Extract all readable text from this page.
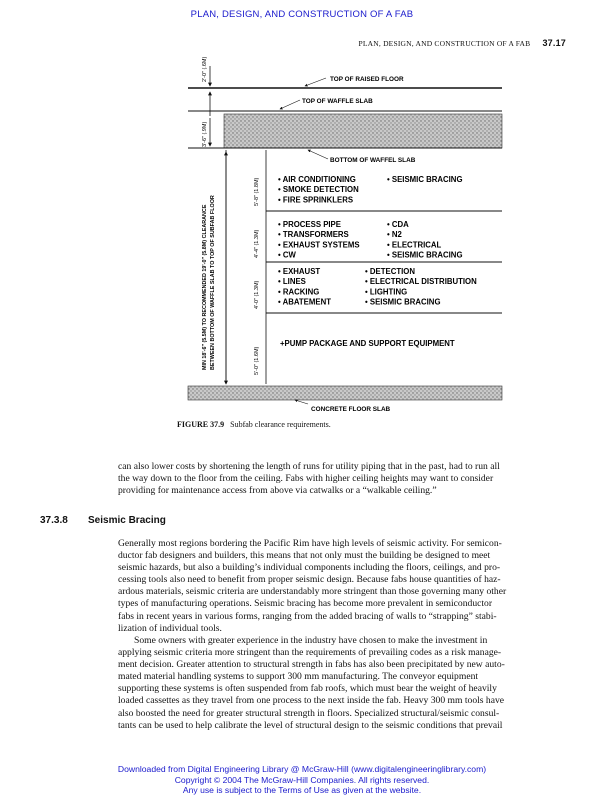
PLAN, DESIGN, AND CONSTRUCTION OF A FAB
PLAN, DESIGN, AND CONSTRUCTION OF A FAB 37.17
TOP OF RAISED FLOOR
TOP OF WAFFLE SLAB
BOTTOM OF WAFFEL SLAB
CONCRETE FLOOR SLAB
2'-0" (.6M)
3'-6" (.9M)
5'-8" (1.8M)
4'-4" (1.3M)
4'-0" (1.3M)
5'-0" (1.6M)
MIN 18'-6" (5.5M) TO RECOMMENDED 19'-0" (5.8M) CLEARANCE BETWEEN BOTTOM OF WAFFLE SLAB TO TOP OF SUBFAB FLOOR
• AIR CONDITIONING
• SMOKE DETECTION
• FIRE SPRINKLERS
• SEISMIC BRACING
• PROCESS PIPE
• TRANSFORMERS
• EXHAUST SYSTEMS
• CW
• CDA
• N2
• ELECTRICAL
• SEISMIC BRACING
• EXHAUST
• LINES
• RACKING
• ABATEMENT
• DETECTION
• ELECTRICAL DISTRIBUTION
• LIGHTING
• SEISMIC BRACING
+PUMP PACKAGE AND SUPPORT EQUIPMENT
FIGURE 37.9 Subfab clearance requirements.
can also lower costs by shortening the length of runs for utility piping that in the past, had to run all
the way down to the floor from the ceiling. Fabs with higher ceiling heights may want to consider
providing for maintenance access from above via catwalks or a “walkable ceiling.”
37.3.8 Seismic Bracing
Generally most regions bordering the Pacific Rim have high levels of seismic activity. For semicon-
ductor fab designers and builders, this means that not only must the building be designed to meet
seismic hazards, but also a building’s individual components including the floors, ceilings, and pro-
cessing tools also need to benefit from proper seismic design. Because fabs house quantities of haz-
ardous materials, seismic criteria are understandably more stringent than those governing many other
types of manufacturing operations. Seismic bracing has become more prevalent in semiconductor
fabs in recent years in various forms, ranging from the added bracing of walls to “strapping” stabi-
lization of individual tools.
Some owners with greater experience in the industry have chosen to make the investment in
applying seismic criteria more stringent than the requirements of prevailing codes as a risk manage-
ment decision. Greater attention to structural strength in fabs has also been precipitated by new auto-
mated material handling systems to support 300 mm manufacturing. The conveyor equipment
supporting these systems is often suspended from fab roofs, which must bear the weight of heavily
loaded cassettes as they travel from one process to the next inside the fab. Heavy 300 mm tools have
also boosted the need for greater structural strength in floors. Specialized structural/seismic consul-
tants can be used to help calibrate the level of structural design to the seismic conditions that prevail
Downloaded from Digital Engineering Library @ McGraw-Hill (www.digitalengineeringlibrary.com)
Copyright © 2004 The McGraw-Hill Companies. All rights reserved.
Any use is subject to the Terms of Use as given at the website.
